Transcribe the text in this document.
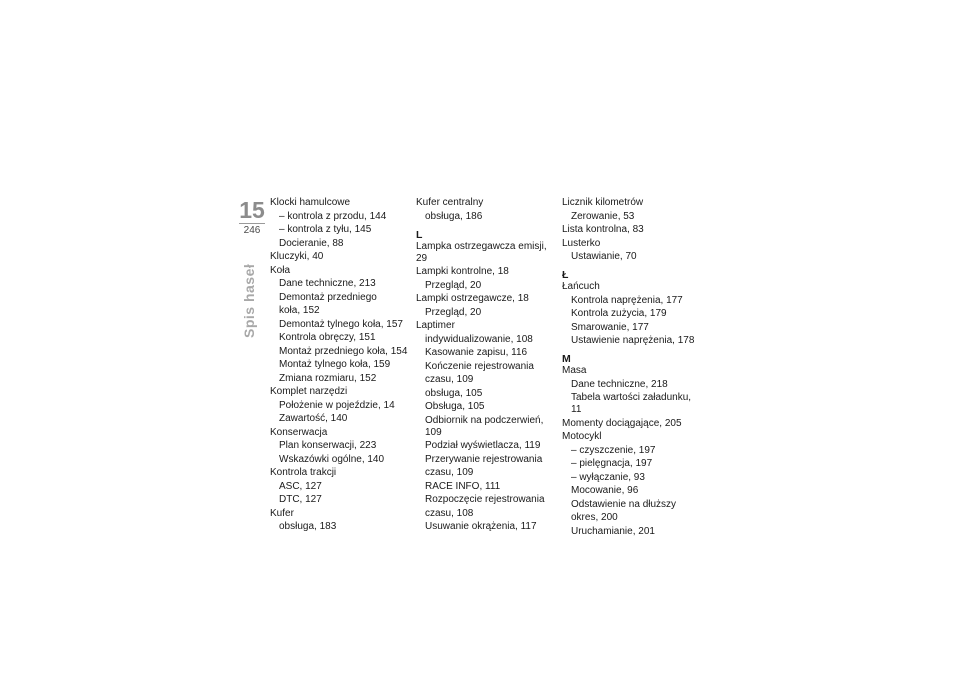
15
246
Spis haseł
Klocki hamulcowe
– kontrola z przodu, 144
– kontrola z tyłu, 145
Docieranie, 88
Kluczyki, 40
Koła
Dane techniczne, 213
Demontaż przedniego
koła, 152
Demontaż tylnego koła, 157
Kontrola obręczy, 151
Montaż przedniego koła, 154
Montaż tylnego koła, 159
Zmiana rozmiaru, 152
Komplet narzędzi
Położenie w pojeździe, 14
Zawartość, 140
Konserwacja
Plan konserwacji, 223
Wskazówki ogólne, 140
Kontrola trakcji
ASC, 127
DTC, 127
Kufer
obsługa, 183
Kufer centralny
obsługa, 186
L
Lampka ostrzegawcza emisji, 29
Lampki kontrolne, 18
Przegląd, 20
Lampki ostrzegawcze, 18
Przegląd, 20
Laptimer
indywidualizowanie, 108
Kasowanie zapisu, 116
Kończenie rejestrowania
czasu, 109
obsługa, 105
Obsługa, 105
Odbiornik na podczerwień, 109
Podział wyświetlacza, 119
Przerywanie rejestrowania
czasu, 109
RACE INFO, 111
Rozpoczęcie rejestrowania
czasu, 108
Usuwanie okrążenia, 117
Licznik kilometrów
Zerowanie, 53
Lista kontrolna, 83
Lusterko
Ustawianie, 70
Ł
Łańcuch
Kontrola naprężenia, 177
Kontrola zużycia, 179
Smarowanie, 177
Ustawienie naprężenia, 178
M
Masa
Dane techniczne, 218
Tabela wartości załadunku, 11
Momenty dociągające, 205
Motocykl
– czyszczenie, 197
– pielęgnacja, 197
– wyłączanie, 93
Mocowanie, 96
Odstawienie na dłuższy
okres, 200
Uruchamianie, 201
